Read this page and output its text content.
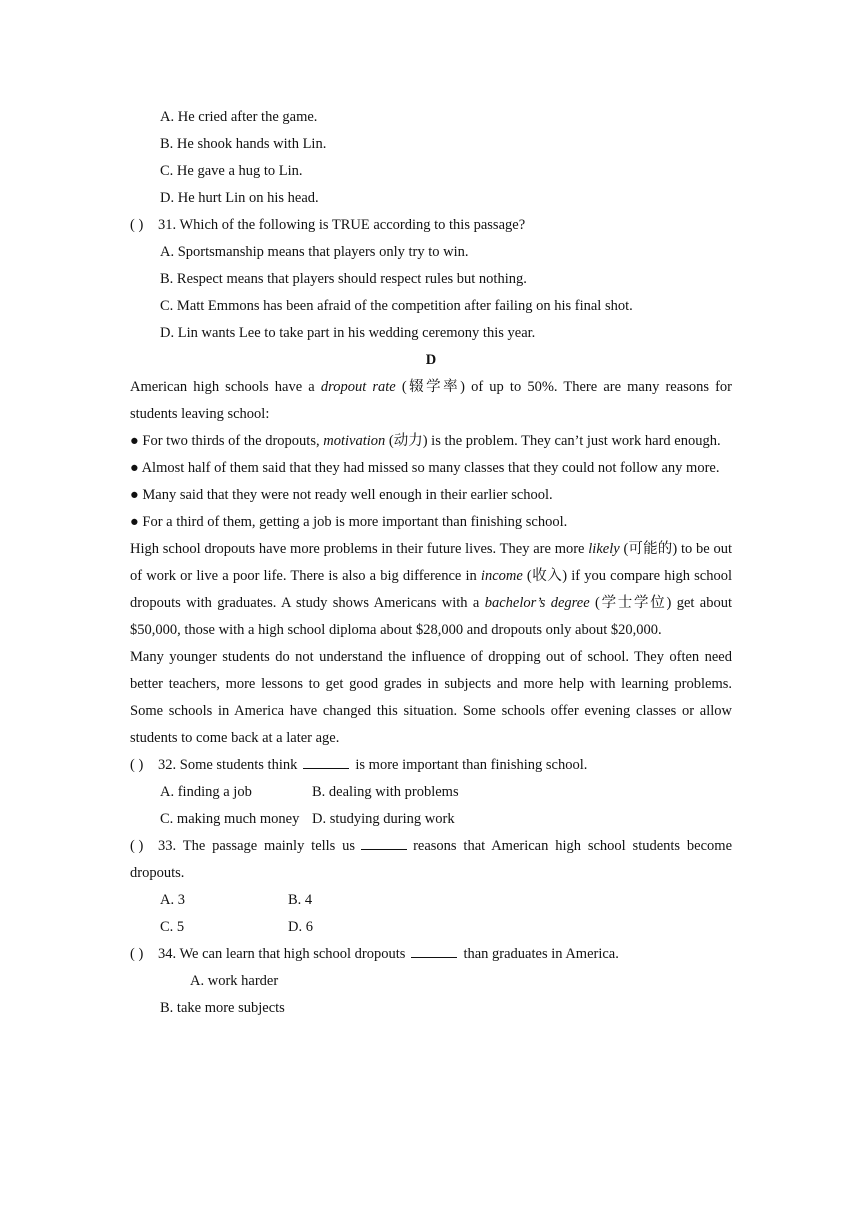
A. He cried after the game.
B. He shook hands with Lin.
C. He gave a hug to Lin.
D. He hurt Lin on his head.
( ) 31. Which of the following is TRUE according to this passage?
A. Sportsmanship means that players only try to win.
B. Respect means that players should respect rules but nothing.
C. Matt Emmons has been afraid of the competition after failing on his final shot.
D. Lin wants Lee to take part in his wedding ceremony this year.
D
American high schools have a dropout rate (辍学率) of up to 50%. There are many reasons for students leaving school:
● For two thirds of the dropouts, motivation (动力) is the problem. They can’t just work hard enough.
● Almost half of them said that they had missed so many classes that they could not follow any more.
● Many said that they were not ready well enough in their earlier school.
● For a third of them, getting a job is more important than finishing school.
High school dropouts have more problems in their future lives. They are more likely (可能的) to be out of work or live a poor life. There is also a big difference in income (收入) if you compare high school dropouts with graduates. A study shows Americans with a bachelor’s degree (学士学位) get about $50,000, those with a high school diploma about $28,000 and dropouts only about $20,000.
Many younger students do not understand the influence of dropping out of school. They often need better teachers, more lessons to get good grades in subjects and more help with learning problems. Some schools in America have changed this situation. Some schools offer evening classes or allow students to come back at a later age.
( ) 32. Some students think	is more important than finishing school.
A. finding a job	B. dealing with problems
C. making much money D. studying during work
( ) 33. The passage mainly tells us	reasons that American high school students become dropouts.
A. 3	B. 4
C. 5	D. 6
( ) 34. We can learn that high school dropouts	than graduates in America.
A. work harder
B. take more subjects
